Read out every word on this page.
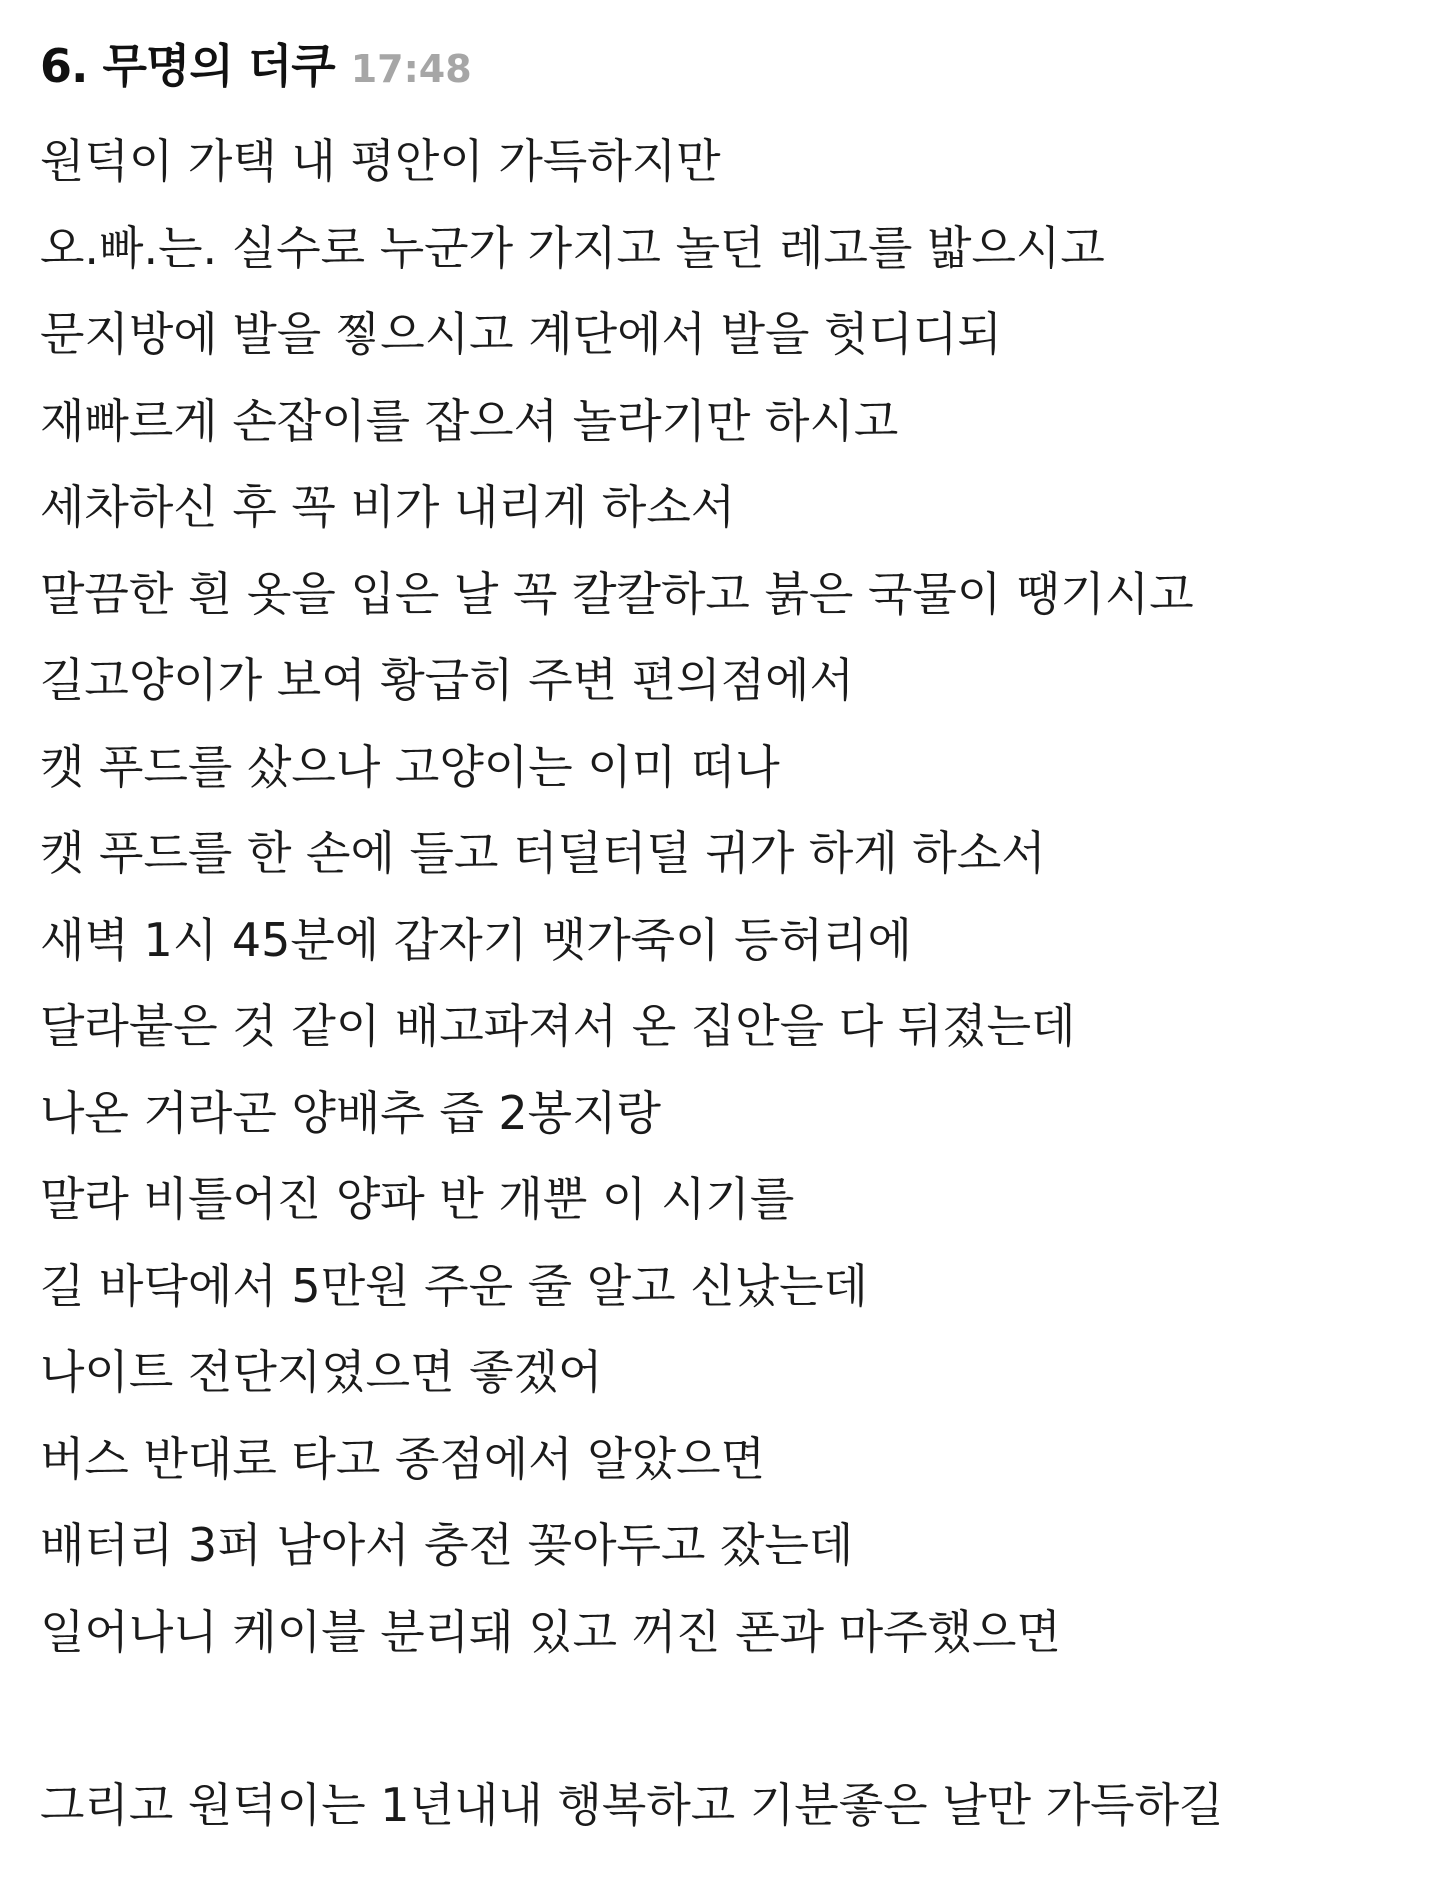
6. 무명의 더쿠 17:48
원덕이 가택 내 평안이 가득하지만
오.빠.는. 실수로 누군가 가지고 놀던 레고를 밟으시고
문지방에 발을 찧으시고 계단에서 발을 헛디디되
재빠르게 손잡이를 잡으셔 놀라기만 하시고
세차하신 후 꼭 비가 내리게 하소서
말끔한 흰 옷을 입은 날 꼭 칼칼하고 붉은 국물이 땡기시고
길고양이가 보여 황급히 주변 편의점에서
캣 푸드를 샀으나 고양이는 이미 떠나
캣 푸드를 한 손에 들고 터덜터덜 귀가 하게 하소서
새벽 1시 45분에 갑자기 뱃가죽이 등허리에
달라붙은 것 같이 배고파져서 온 집안을 다 뒤졌는데
나온 거라곤 양배추 즙 2봉지랑
말라 비틀어진 양파 반 개뿐 이 시기를
길 바닥에서 5만원 주운 줄 알고 신났는데
나이트 전단지였으면 좋겠어
버스 반대로 타고 종점에서 알았으면
배터리 3퍼 남아서 충전 꽂아두고 잤는데
일어나니 케이블 분리돼 있고 꺼진 폰과 마주했으면
그리고 원덕이는 1년내내 행복하고 기분좋은 날만 가득하길
